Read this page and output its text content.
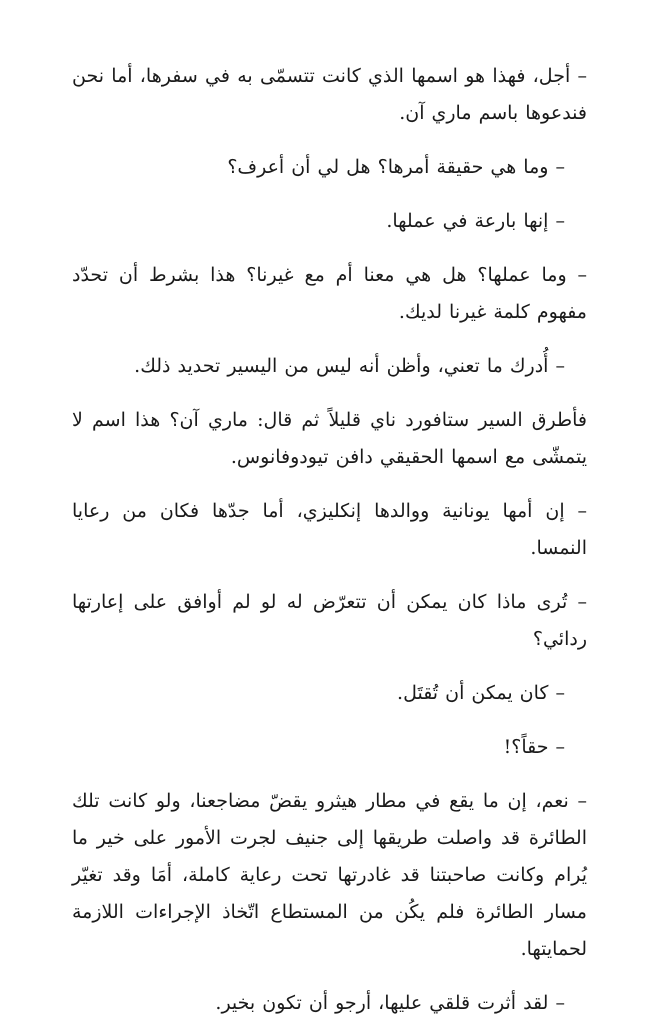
– أجل، فهذا هو اسمها الذي كانت تتسمّى به في سفرها، أما نحن فندعوها باسم ماري آن.

– وما هي حقيقة أمرها؟ هل لي أن أعرف؟

– إنها بارعة في عملها.

– وما عملها؟ هل هي معنا أم مع غيرنا؟ هذا بشرط أن تحدّد مفهوم كلمة غيرنا لديك.

– أُدرك ما تعني، وأظن أنه ليس من اليسير تحديد ذلك.

فأطرق السير ستافورد ناي قليلاً ثم قال: ماري آن؟ هذا اسم لا يتمشّى مع اسمها الحقيقي دافن تيودوفانوس.

– إن أمها يونانية ووالدها إنكليزي، أما جدّها فكان من رعايا النمسا.

– تُرى ماذا كان يمكن أن تتعرّض له لو لم أوافق على إعارتها ردائي؟

– كان يمكن أن تُقتَل.

– حقاً؟!

– نعم، إن ما يقع في مطار هيثرو يقضّ مضاجعنا، ولو كانت تلك الطائرة قد واصلت طريقها إلى جنيف لجرت الأمور على خير ما يُرام وكانت صاحبتنا قد غادرتها تحت رعاية كاملة، أمَا وقد تغيّر مسار الطائرة فلم يكُن من المستطاع اتّخاذ الإجراءات اللازمة لحمايتها.

– لقد أثرت قلقي عليها، أرجو أن تكون بخير.
